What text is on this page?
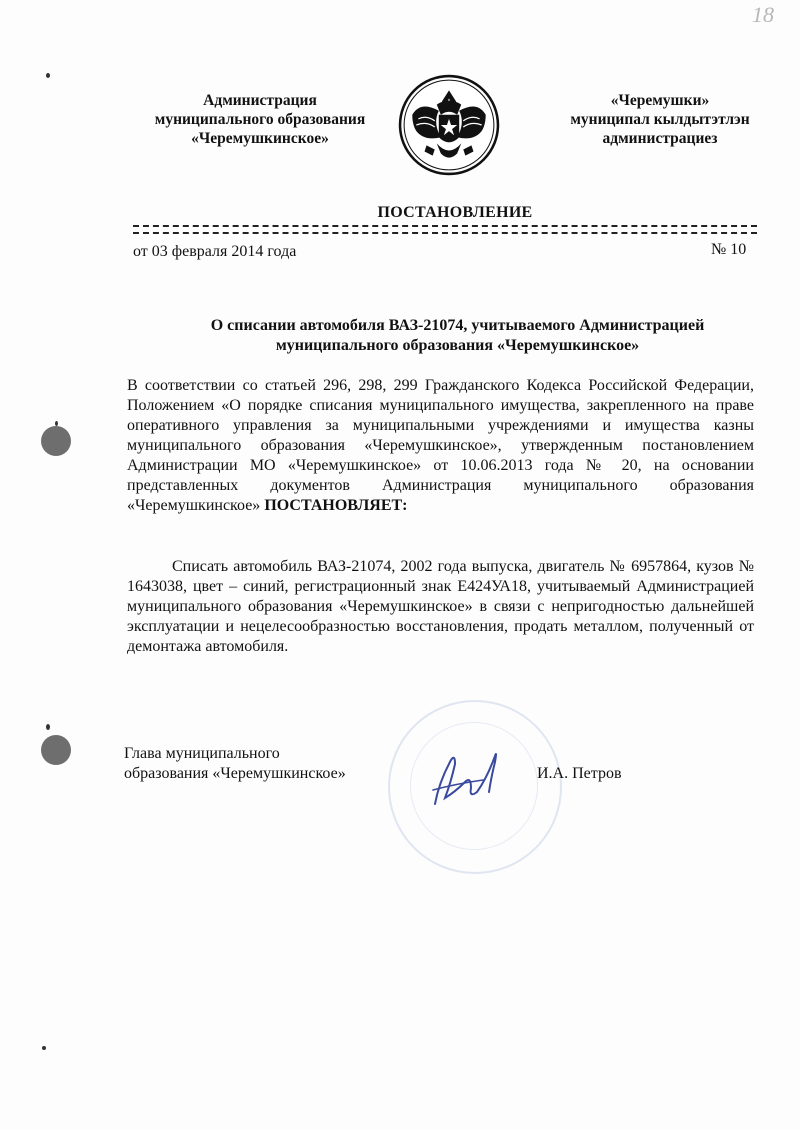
18
Администрация
муниципального образования
«Черемушкинское»
«Черемушки»
муниципал кылдытэтлэн
администрациез
ПОСТАНОВЛЕНИЕ
от 03 февраля 2014 года	№ 10
О списании автомобиля ВАЗ-21074, учитываемого Администрацией
муниципального образования «Черемушкинское»
В соответствии со статьей 296, 298, 299 Гражданского Кодекса Российской Федерации, Положением «О порядке списания муниципального имущества, закрепленного на праве оперативного управления за муниципальными учреждениями и имущества казны муниципального образования «Черемушкинское», утвержденным постановлением Администрации МО «Черемушкинское» от 10.06.2013 года № 20, на основании представленных документов Администрация муниципального образования «Черемушкинское» ПОСТАНОВЛЯЕТ:
Списать автомобиль ВАЗ-21074, 2002 года выпуска, двигатель № 6957864, кузов № 1643038, цвет – синий, регистрационный знак Е424УА18, учитываемый Администрацией муниципального образования «Черемушкинское» в связи с непригодностью дальнейшей эксплуатации и нецелесообразностью восстановления, продать металлом, полученный от демонтажа автомобиля.
Глава муниципального
образования «Черемушкинское»	И.А. Петров
